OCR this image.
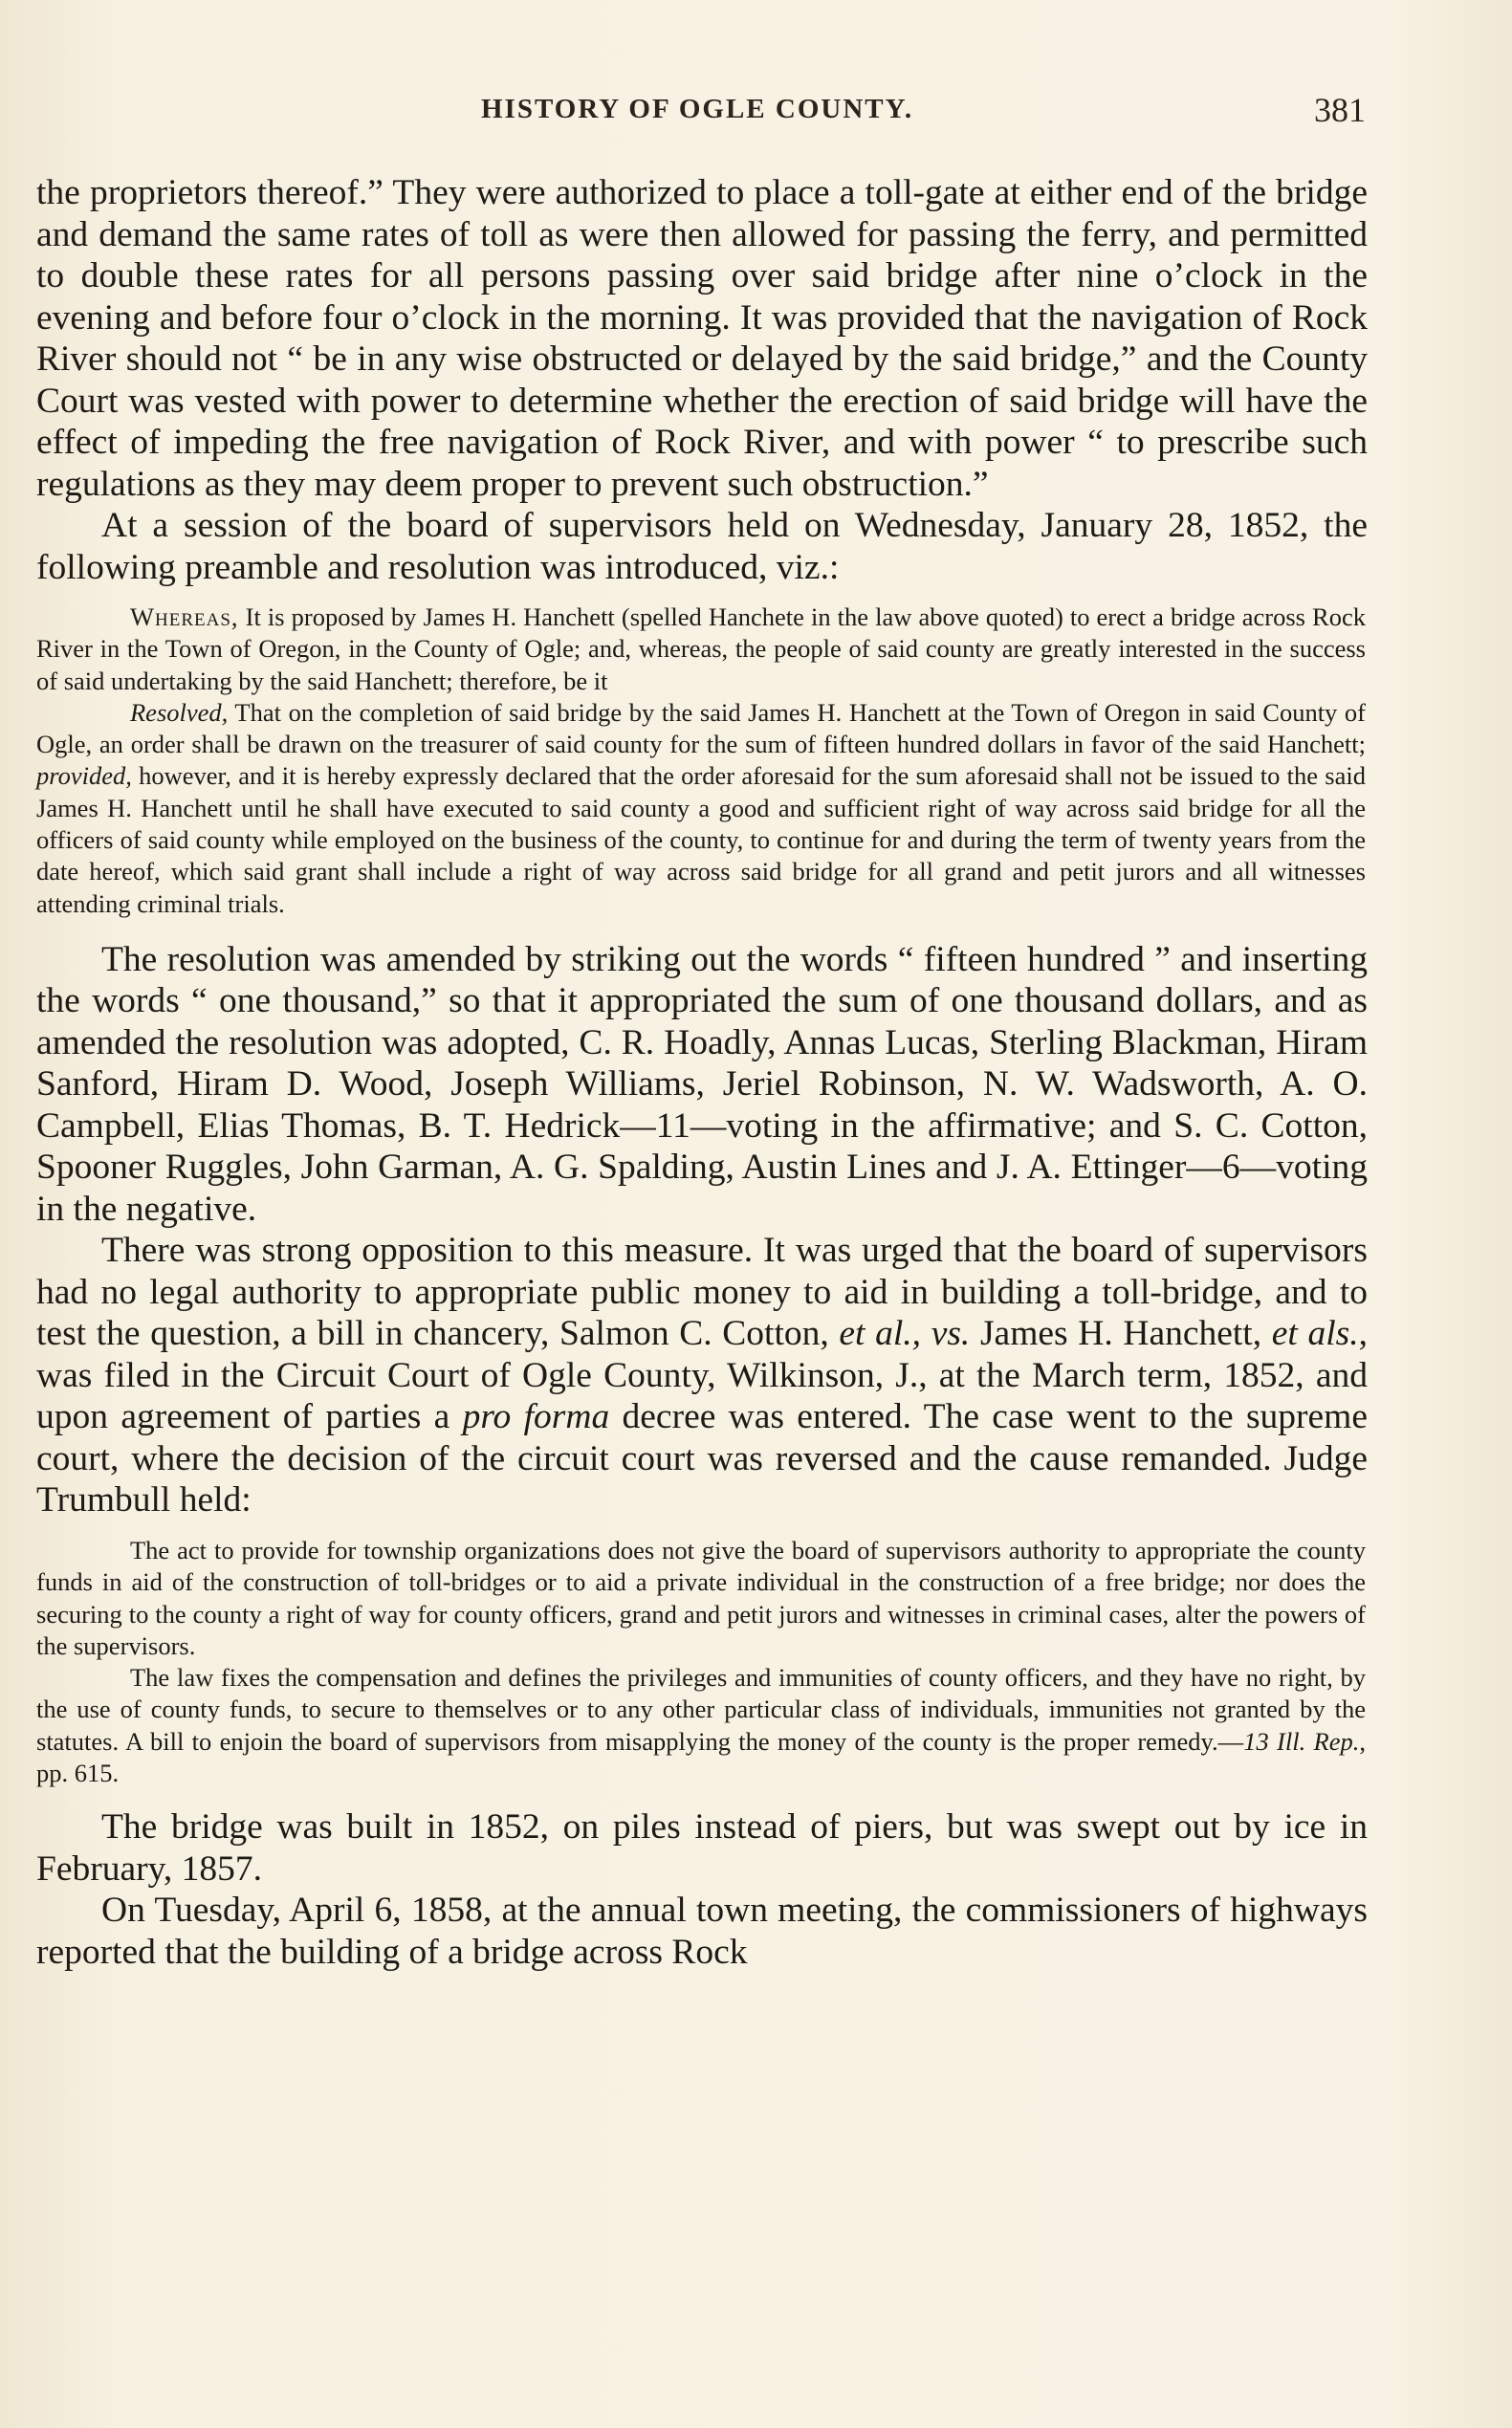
HISTORY OF OGLE COUNTY.	381

the proprietors thereof.” They were authorized to place a toll-gate at either end of the bridge and demand the same rates of toll as were then allowed for passing the ferry, and permitted to double these rates for all persons passing over said bridge after nine o’clock in the evening and before four o’clock in the morning. It was provided that the navigation of Rock River should not “ be in any wise obstructed or delayed by the said bridge,” and the County Court was vested with power to determine whether the erection of said bridge will have the effect of impeding the free navigation of Rock River, and with power “ to prescribe such regulations as they may deem proper to prevent such obstruction.”

At a session of the board of supervisors held on Wednesday, January 28, 1852, the following preamble and resolution was introduced, viz.:

Whereas, It is proposed by James H. Hanchett (spelled Hanchete in the law above quoted) to erect a bridge across Rock River in the Town of Oregon, in the County of Ogle; and, whereas, the people of said county are greatly interested in the success of said undertaking by the said Hanchett; therefore, be it

Resolved, That on the completion of said bridge by the said James H. Hanchett at the Town of Oregon in said County of Ogle, an order shall be drawn on the treasurer of said county for the sum of fifteen hundred dollars in favor of the said Hanchett; provided, however, and it is hereby expressly declared that the order aforesaid for the sum aforesaid shall not be issued to the said James H. Hanchett until he shall have executed to said county a good and sufficient right of way across said bridge for all the officers of said county while employed on the business of the county, to continue for and during the term of twenty years from the date hereof, which said grant shall include a right of way across said bridge for all grand and petit jurors and all witnesses attending criminal trials.

The resolution was amended by striking out the words “ fifteen hundred ” and inserting the words “ one thousand,” so that it appropriated the sum of one thousand dollars, and as amended the resolution was adopted, C. R. Hoadly, Annas Lucas, Sterling Blackman, Hiram Sanford, Hiram D. Wood, Joseph Williams, Jeriel Robinson, N. W. Wadsworth, A. O. Campbell, Elias Thomas, B. T. Hedrick—11—voting in the affirmative; and S. C. Cotton, Spooner Ruggles, John Garman, A. G. Spalding, Austin Lines and J. A. Ettinger—6—voting in the negative.

There was strong opposition to this measure. It was urged that the board of supervisors had no legal authority to appropriate public money to aid in building a toll-bridge, and to test the question, a bill in chancery, Salmon C. Cotton, et al., vs. James H. Hanchett, et als., was filed in the Circuit Court of Ogle County, Wilkinson, J., at the March term, 1852, and upon agreement of parties a pro forma decree was entered. The case went to the supreme court, where the decision of the circuit court was reversed and the cause remanded. Judge Trumbull held:

The act to provide for township organizations does not give the board of supervisors authority to appropriate the county funds in aid of the construction of toll-bridges or to aid a private individual in the construction of a free bridge; nor does the securing to the county a right of way for county officers, grand and petit jurors and witnesses in criminal cases, alter the powers of the supervisors.

The law fixes the compensation and defines the privileges and immunities of county officers, and they have no right, by the use of county funds, to secure to themselves or to any other particular class of individuals, immunities not granted by the statutes. A bill to enjoin the board of supervisors from misapplying the money of the county is the proper remedy.—13 Ill. Rep., pp. 615.

The bridge was built in 1852, on piles instead of piers, but was swept out by ice in February, 1857.

On Tuesday, April 6, 1858, at the annual town meeting, the commissioners of highways reported that the building of a bridge across Rock
